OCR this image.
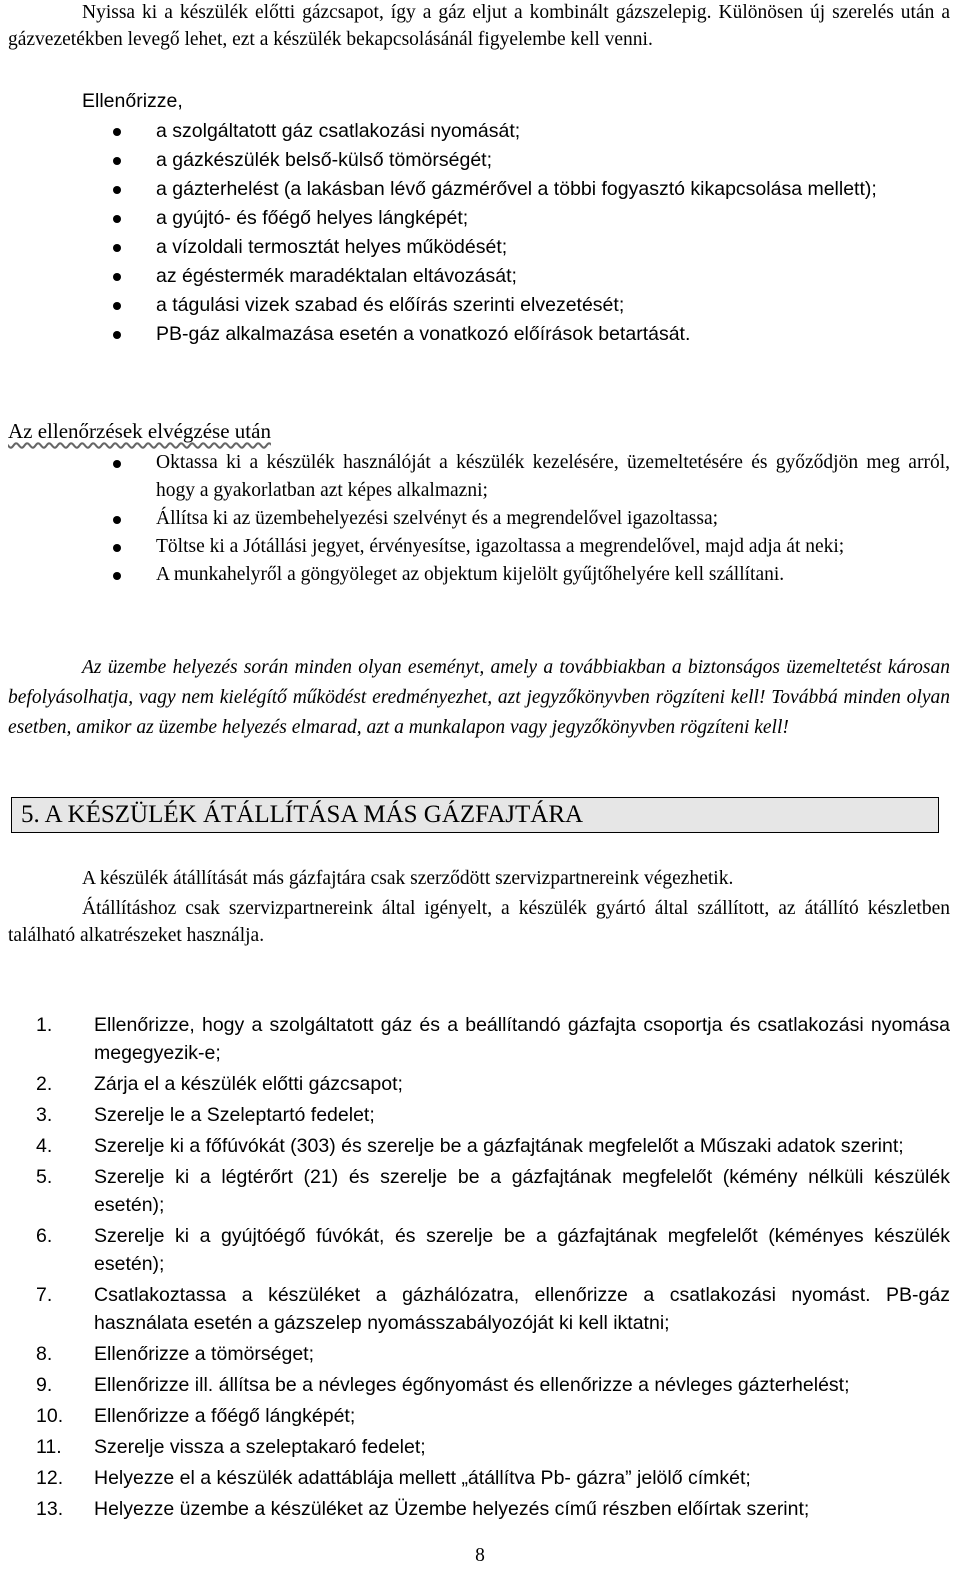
Nyissa ki a készülék előtti gázcsapot, így a gáz eljut a kombinált gázszelepig. Különösen új szerelés után a gázvezetékben levegő lehet, ezt a készülék bekapcsolásánál figyelembe kell venni.

Ellenőrizze,

a szolgáltatott gáz csatlakozási nyomását;
a gázkészülék belső-külső tömörségét;
a gázterhelést (a lakásban lévő gázmérővel a többi fogyasztó kikapcsolása mellett);
a gyújtó- és főégő helyes lángképét;
a vízoldali termosztát helyes működését;
az égéstermék maradéktalan eltávozását;
a tágulási vizek szabad és előírás szerinti elvezetését;
PB-gáz alkalmazása esetén a vonatkozó előírások betartását.

Az ellenőrzések elvégzése után

Oktassa ki a készülék használóját a készülék kezelésére, üzemeltetésére és győződjön meg arról, hogy a gyakorlatban azt képes alkalmazni;
Állítsa ki az üzembehelyezési szelvényt és a megrendelővel igazoltassa;
Töltse ki a Jótállási jegyet, érvényesítse, igazoltassa a megrendelővel, majd adja át neki;
A munkahelyről a göngyöleget az objektum kijelölt gyűjtőhelyére kell szállítani.

Az üzembe helyezés során minden olyan eseményt, amely a továbbiakban a biztonságos üzemeltetést károsan befolyásolhatja, vagy nem kielégítő működést eredményezhet, azt jegyzőkönyvben rögzíteni kell! Továbbá minden olyan esetben, amikor az üzembe helyezés elmarad, azt a munkalapon vagy jegyzőkönyvben rögzíteni kell!

5. A KÉSZÜLÉK ÁTÁLLÍTÁSA MÁS GÁZFAJTÁRA

A készülék átállítását más gázfajtára csak szerződött szervizpartnereink végezhetik.

Átállításhoz csak szervizpartnereink által igényelt, a készülék gyártó által szállított, az átállító készletben található alkatrészeket használja.

1. Ellenőrizze, hogy a szolgáltatott gáz és a beállítandó gázfajta csoportja és csatlakozási nyomása megegyezik-e;
2. Zárja el a készülék előtti gázcsapot;
3. Szerelje le a Szeleptartó fedelet;
4. Szerelje ki a főfúvókát (303) és szerelje be a gázfajtának megfelelőt a Műszaki adatok szerint;
5. Szerelje ki a légtérőrt (21) és szerelje be a gázfajtának megfelelőt (kémény nélküli készülék esetén);
6. Szerelje ki a gyújtóégő fúvókát, és szerelje be a gázfajtának megfelelőt (kéményes készülék esetén);
7. Csatlakoztassa a készüléket a gázhálózatra, ellenőrizze a csatlakozási nyomást. PB-gáz használata esetén a gázszelep nyomásszabályozóját ki kell iktatni;
8. Ellenőrizze a tömörséget;
9. Ellenőrizze ill. állítsa be a névleges égőnyomást és ellenőrizze a névleges gázterhelést;
10. Ellenőrizze a főégő lángképét;
11. Szerelje vissza a szeleptakaró fedelet;
12. Helyezze el a készülék adattáblája mellett „átállítva Pb- gázra” jelölő címkét;
13. Helyezze üzembe a készüléket az Üzembe helyezés című részben előírtak szerint;

8
